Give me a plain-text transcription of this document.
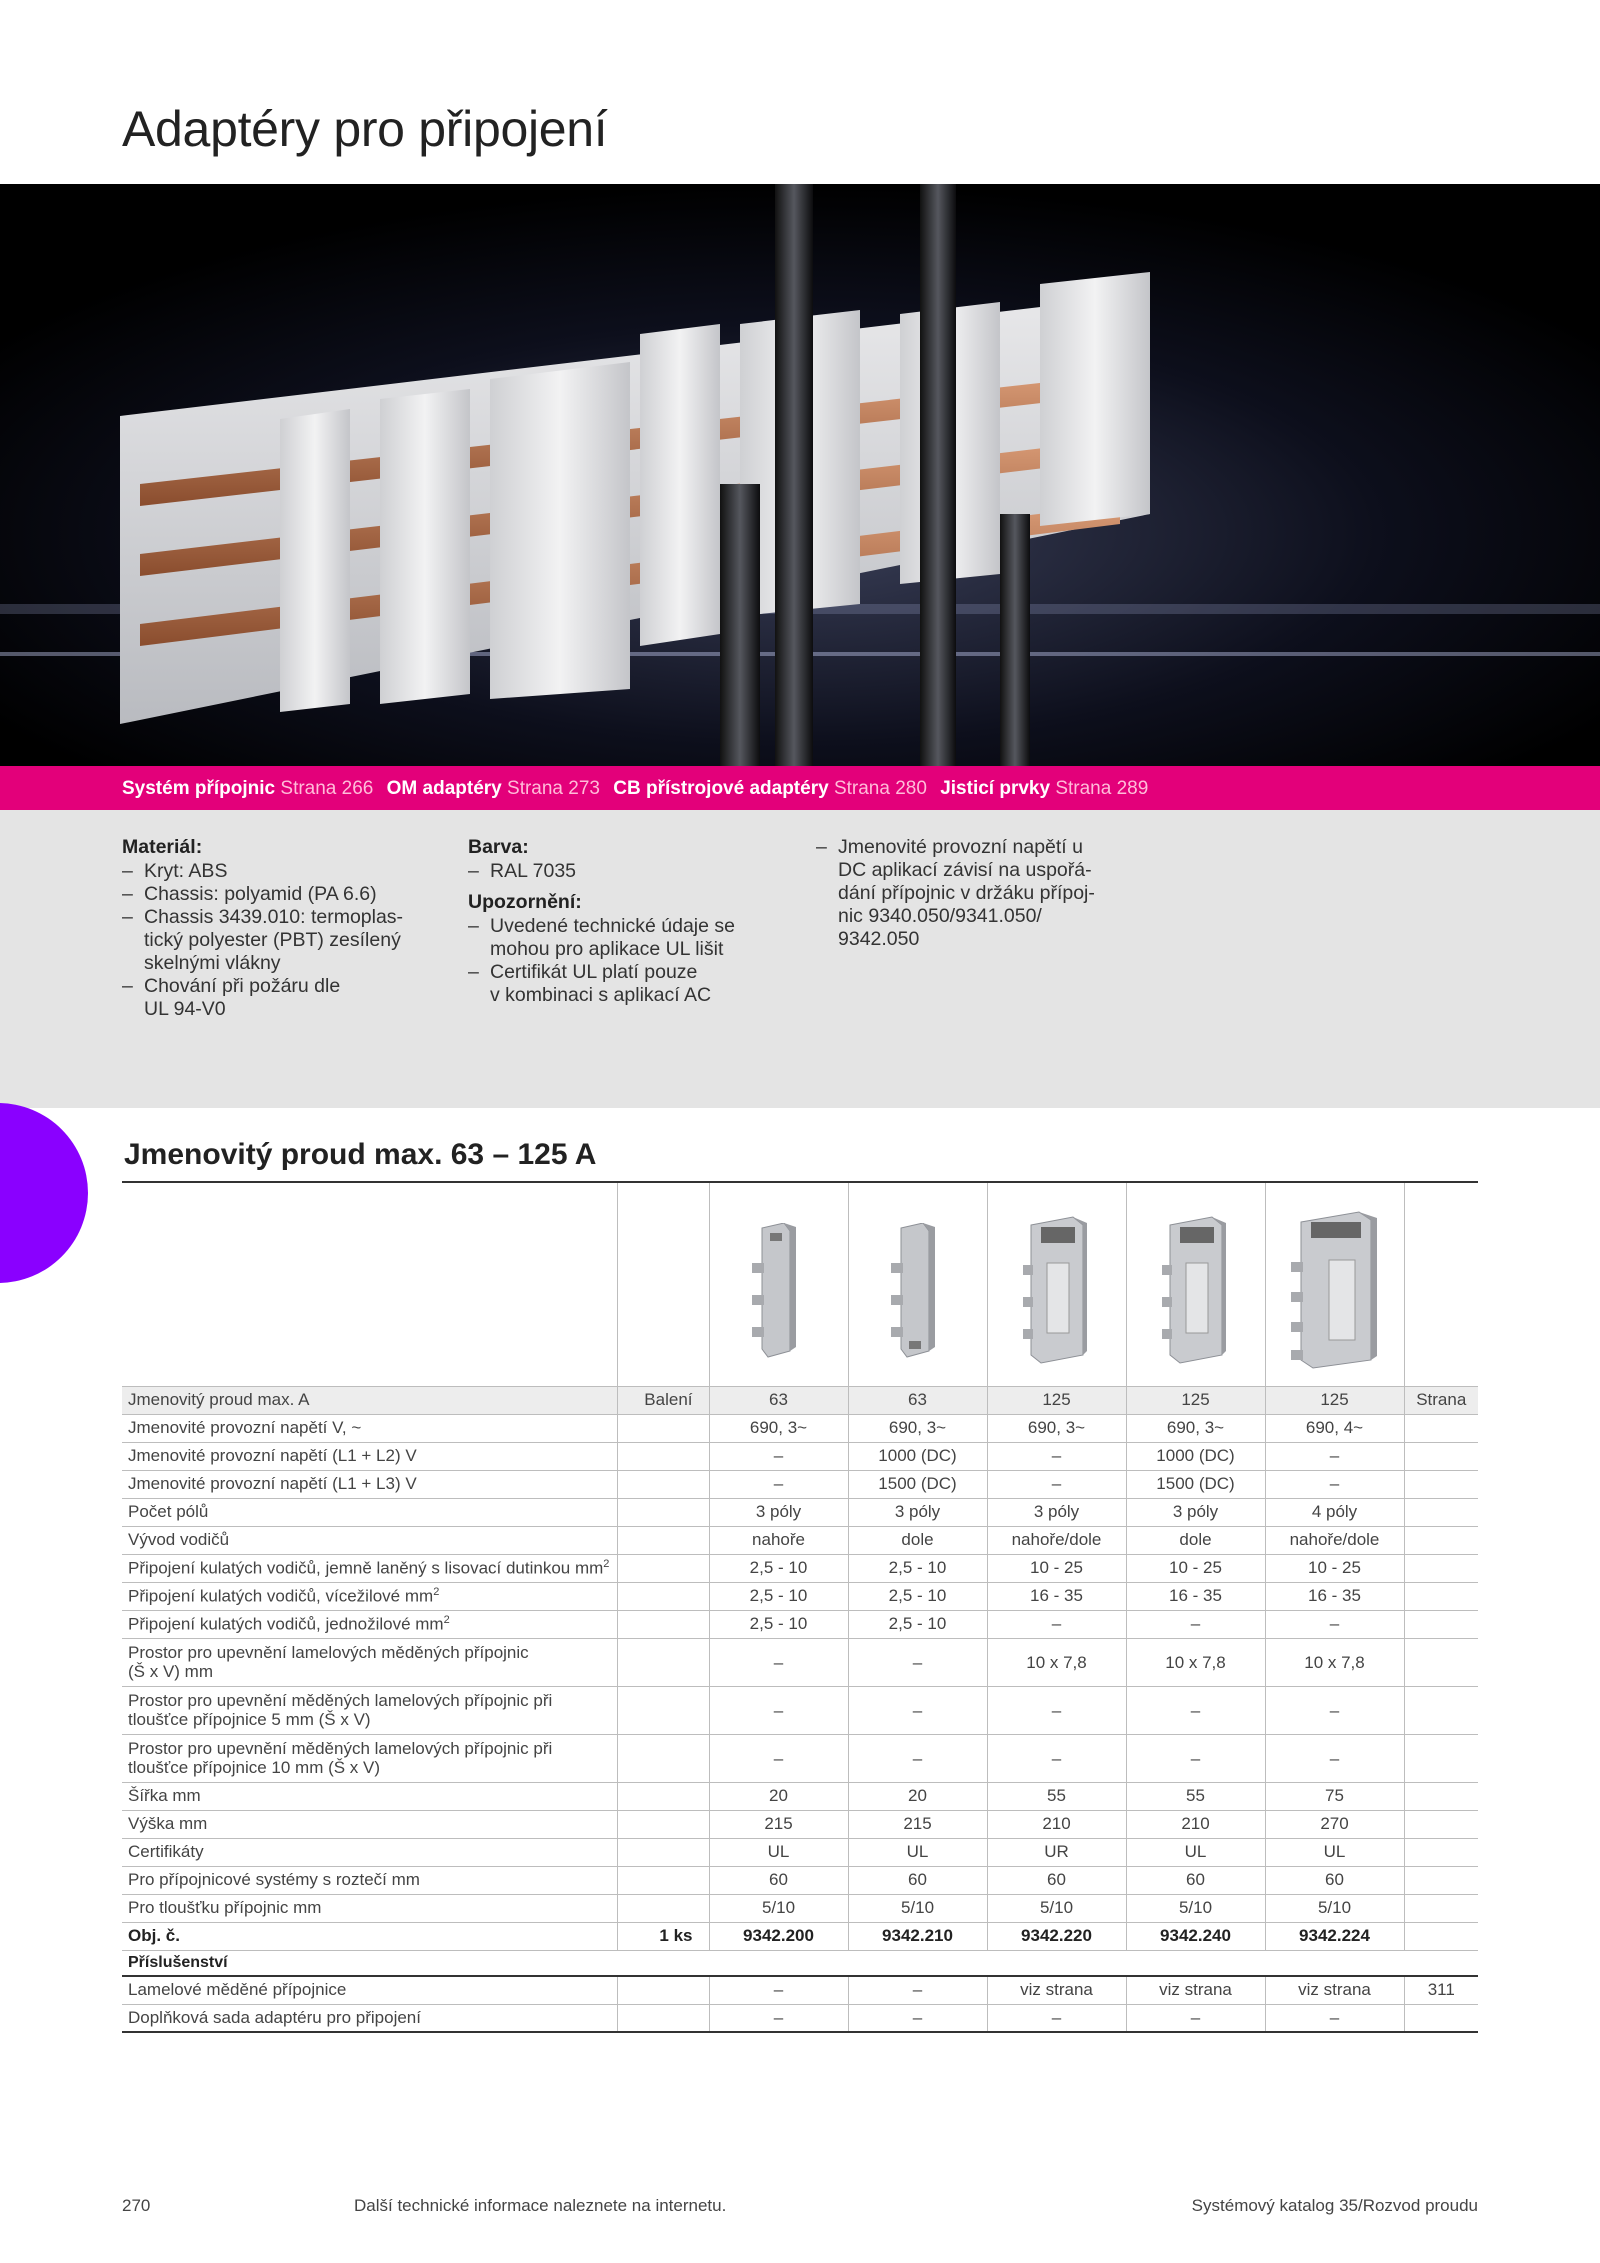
Adaptéry pro připojení
Systém přípojnic Strana 266 OM adaptéry Strana 273 CB přístrojové adaptéry Strana 280 Jisticí prvky Strana 289
Materiál:
– Kryt: ABS
– Chassis: polyamid (PA 6.6)
– Chassis 3439.010: termoplas-
tický polyester (PBT) zesílený
skelnými vlákny
– Chování při požáru dle
UL 94-V0
Barva:
– RAL 7035
Upozornění:
– Uvedené technické údaje se
mohou pro aplikace UL lišit
– Certifikát UL platí pouze
v kombinaci s aplikací AC
– Jmenovité provozní napětí u
DC aplikací závisí na uspořá-
dání přípojnic v držáku přípoj-
nic 9340.050/9341.050/
9342.050
Jmenovitý proud max. 63 – 125 A

Jmenovitý proud max. A	Balení	63	63	125	125	125	Strana
Jmenovité provozní napětí V, ~		690, 3~	690, 3~	690, 3~	690, 3~	690, 4~	
Jmenovité provozní napětí (L1 + L2) V		–	1000 (DC)	–	1000 (DC)	–	
Jmenovité provozní napětí (L1 + L3) V		–	1500 (DC)	–	1500 (DC)	–	
Počet pólů		3 póly	3 póly	3 póly	3 póly	4 póly	
Vývod vodičů		nahoře	dole	nahoře/dole	dole	nahoře/dole	
Připojení kulatých vodičů, jemně laněný s lisovací dutinkou $mm^2$		2,5 - 10	2,5 - 10	10 - 25	10 - 25	10 - 25	
Připojení kulatých vodičů, vícežilové $mm^2$		2,5 - 10	2,5 - 10	16 - 35	16 - 35	16 - 35	
Připojení kulatých vodičů, jednožilové $mm^2$		2,5 - 10	2,5 - 10	–	–	–	
Prostor pro upevnění lamelových měděných přípojnic
(Š x V) mm		–	–	10 x 7,8	10 x 7,8	10 x 7,8	
Prostor pro upevnění měděných lamelových přípojnic při
tloušťce přípojnice 5 mm (Š x V)		–	–	–	–	–	
Prostor pro upevnění měděných lamelových přípojnic při
tloušťce přípojnice 10 mm (Š x V)		–	–	–	–	–	
Šířka mm		20	20	55	55	75	
Výška mm		215	215	210	210	270	
Certifikáty		UL	UL	UR	UL	UL	
Pro přípojnicové systémy s roztečí mm		60	60	60	60	60	
Pro tloušťku přípojnic mm		5/10	5/10	5/10	5/10	5/10	
Obj. č.	1 ks	9342.200	9342.210	9342.220	9342.240	9342.224	
Příslušenství							
Lamelové měděné přípojnice		–	–	viz strana	viz strana	viz strana	311
Doplňková sada adaptéru pro připojení		–	–	–	–	–	
270	Další technické informace naleznete na internetu.	Systémový katalog 35/Rozvod proudu
